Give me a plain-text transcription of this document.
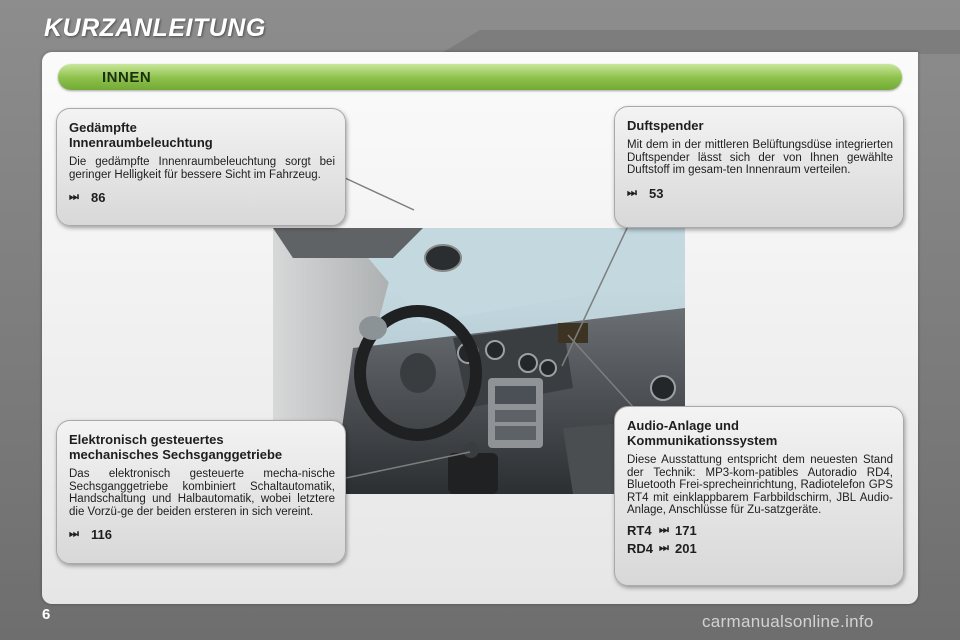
KURZANLEITUNG
INNEN
Gedämpfte
Innenraumbeleuchtung

Die gedämpfte Innenraumbeleuchtung sorgt bei geringer Helligkeit für bessere Sicht im Fahrzeug.

⏭ 86
Duftspender

Mit dem in der mittleren Belüftungsdüse integrierten Duftspender lässt sich der von Ihnen gewählte Duftstoff im gesam-ten Innenraum verteilen.

⏭ 53
Elektronisch gesteuertes
mechanisches Sechsganggetriebe

Das elektronisch gesteuerte mecha-nische Sechsganggetriebe kombiniert Schaltautomatik, Handschaltung und Halbautomatik, wobei letztere die Vorzü-ge der beiden ersteren in sich vereint.

⏭ 116
Audio-Anlage und
Kommunikationssystem

Diese Ausstattung entspricht dem neuesten Stand der Technik: MP3-kom-patibles Autoradio RD4, Bluetooth Frei-sprecheinrichtung, Radiotelefon GPS RT4 mit einklappbarem Farbbildschirm, JBL Audio-Anlage, Anschlüsse für Zu-satzgeräte.

RT4 ⏭ 171
RD4 ⏭ 201
6	carmanualsonline.info
